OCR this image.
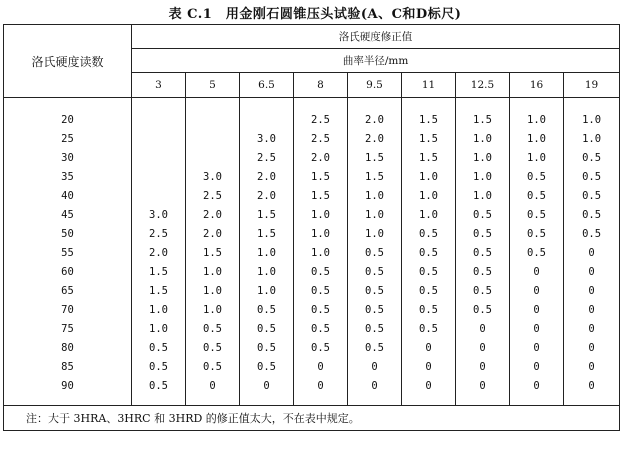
表 C.1　用金刚石圆锥压头试验(A、C和D标尺)
洛氏硬度读数	洛氏硬度修正值								
	曲率半径/mm								
	3	5	6.5	8	9.5	11	12.5	16	19

20				2.5	2.0	1.5	1.5	1.0	1.0
25			3.0	2.5	2.0	1.5	1.0	1.0	1.0
30			2.5	2.0	1.5	1.5	1.0	1.0	0.5
35		3.0	2.0	1.5	1.5	1.0	1.0	0.5	0.5
40		2.5	2.0	1.5	1.0	1.0	1.0	0.5	0.5
45	3.0	2.0	1.5	1.0	1.0	1.0	0.5	0.5	0.5
50	2.5	2.0	1.5	1.0	1.0	0.5	0.5	0.5	0.5
55	2.0	1.5	1.0	1.0	0.5	0.5	0.5	0.5	0
60	1.5	1.0	1.0	0.5	0.5	0.5	0.5	0	0
65	1.5	1.0	1.0	0.5	0.5	0.5	0.5	0	0
70	1.0	1.0	0.5	0.5	0.5	0.5	0.5	0	0
75	1.0	0.5	0.5	0.5	0.5	0.5	0	0	0
80	0.5	0.5	0.5	0.5	0.5	0	0	0	0
85	0.5	0.5	0.5	0	0	0	0	0	0
90	0.5	0	0	0	0	0	0	0	0

注：大于 3HRA、3HRC 和 3HRD 的修正值太大，不在表中规定。									
